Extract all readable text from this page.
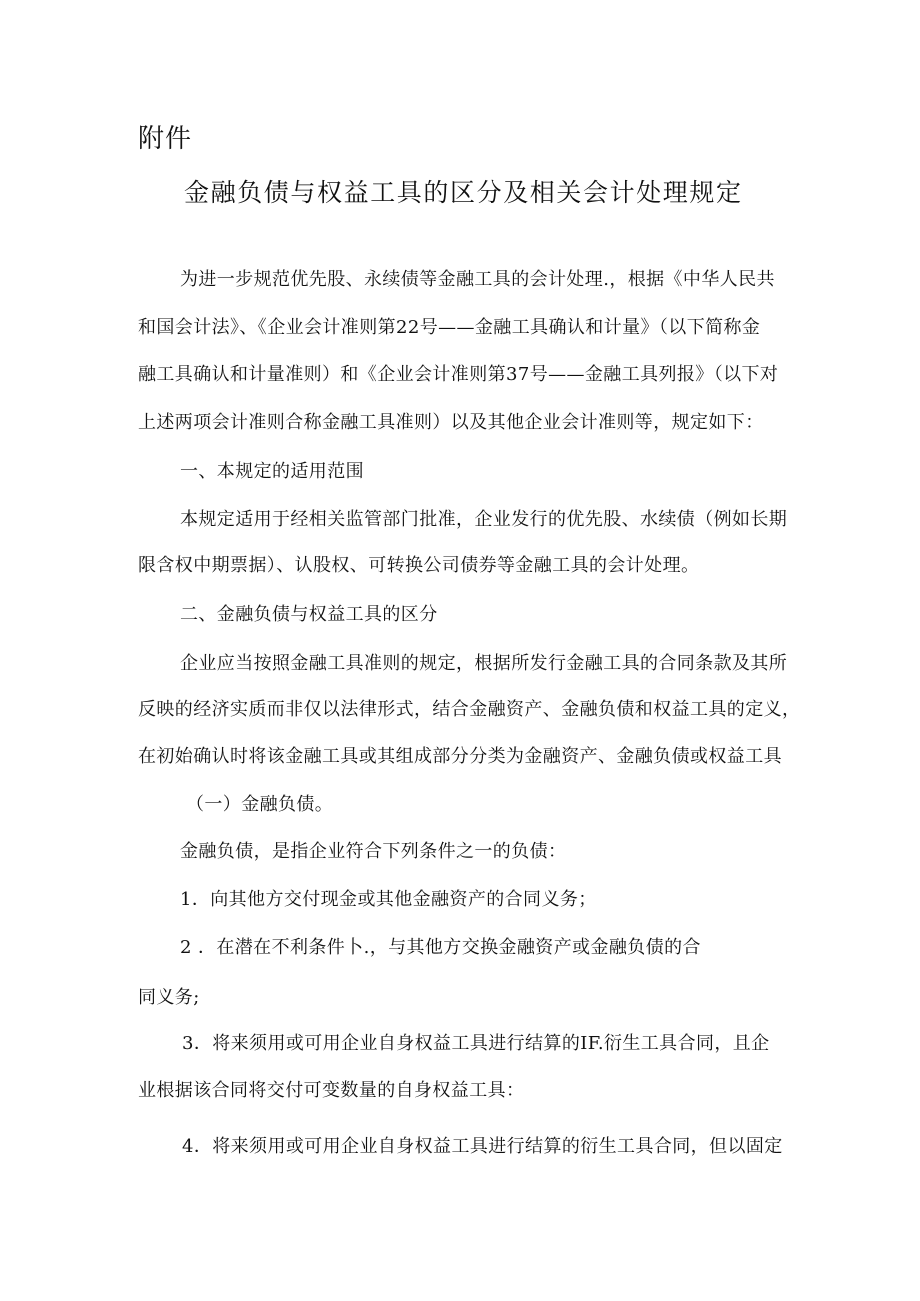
附件
金融负债与权益工具的区分及相关会计处理规定
为进一步规范优先股、永续债等金融工具的会计处理.，根据《中华人民共
和国会计法》、《企业会计准则第22号——金融工具确认和计量》（以下简称金
融工具确认和计量准则）和《企业会计准则第37号——金融工具列报》（以下对
上述两项会计准则合称金融工具准则）以及其他企业会计准则等，规定如下：
一、本规定的适用范围
本规定适用于经相关监管部门批准，企业发行的优先股、水续债（例如长期
限含权中期票据）、认股权、可转换公司债券等金融工具的会计处理。
二、金融负债与权益工具的区分
企业应当按照金融工具准则的规定，根据所发行金融工具的合同条款及其所
反映的经济实质而非仅以法律形式，结合金融资产、金融负债和权益工具的定义，
在初始确认时将该金融工具或其组成部分分类为金融资产、金融负债或权益工具
（一）金融负债。
金融负债，是指企业符合下列条件之一的负债：
1．向其他方交付现金或其他金融资产的合同义务；
2 ．在潜在不利条件卜.，与其他方交换金融资产或金融负债的合
同义务;
3．将来须用或可用企业自身权益工具进行结算的IF.衍生工具合同，且企
业根据该合同将交付可变数量的自身权益工具：
4．将来须用或可用企业自身权益工具进行结算的衍生工具合同，但以固定
